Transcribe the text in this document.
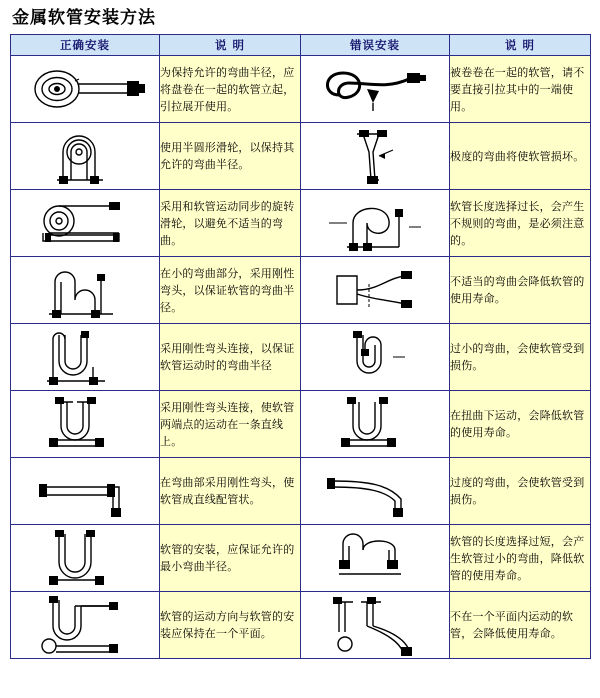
金属软管安装方法
正确安装	说 明	错误安装	说 明

	为保持允许的弯曲半径，应将盘卷在一起的软管立起，引拉展开使用。		被卷卷在一起的软管，请不要直接引拉其中的一端使用。

	使用半圆形滑轮，以保持其允许的弯曲半径。		极度的弯曲将使软管损坏。

	采用和软管运动同步的旋转滑轮，以避免不适当的弯曲。		软管长度选择过长，会产生不规则的弯曲，是必须注意的。

	在小的弯曲部分，采用刚性弯头，以保证软管的弯曲半径。		不适当的弯曲会降低软管的使用寿命。

	采用刚性弯头连接，以保证软管运动时的弯曲半径		过小的弯曲，会使软管受到损伤。

	采用刚性弯头连接，使软管两端点的运动在一条直线上。		在扭曲下运动，会降低软管的使用寿命。

	在弯曲部采用刚性弯头，使软管成直线配管状。		过度的弯曲，会使软管受到损伤。

	软管的安装，应保证允许的最小弯曲半径。		软管的长度选择过短，会产生软管过小的弯曲，降低软管的使用寿命。

	软管的运动方向与软管的安装应保持在一个平面。		不在一个平面内运动的软管，会降低使用寿命。
